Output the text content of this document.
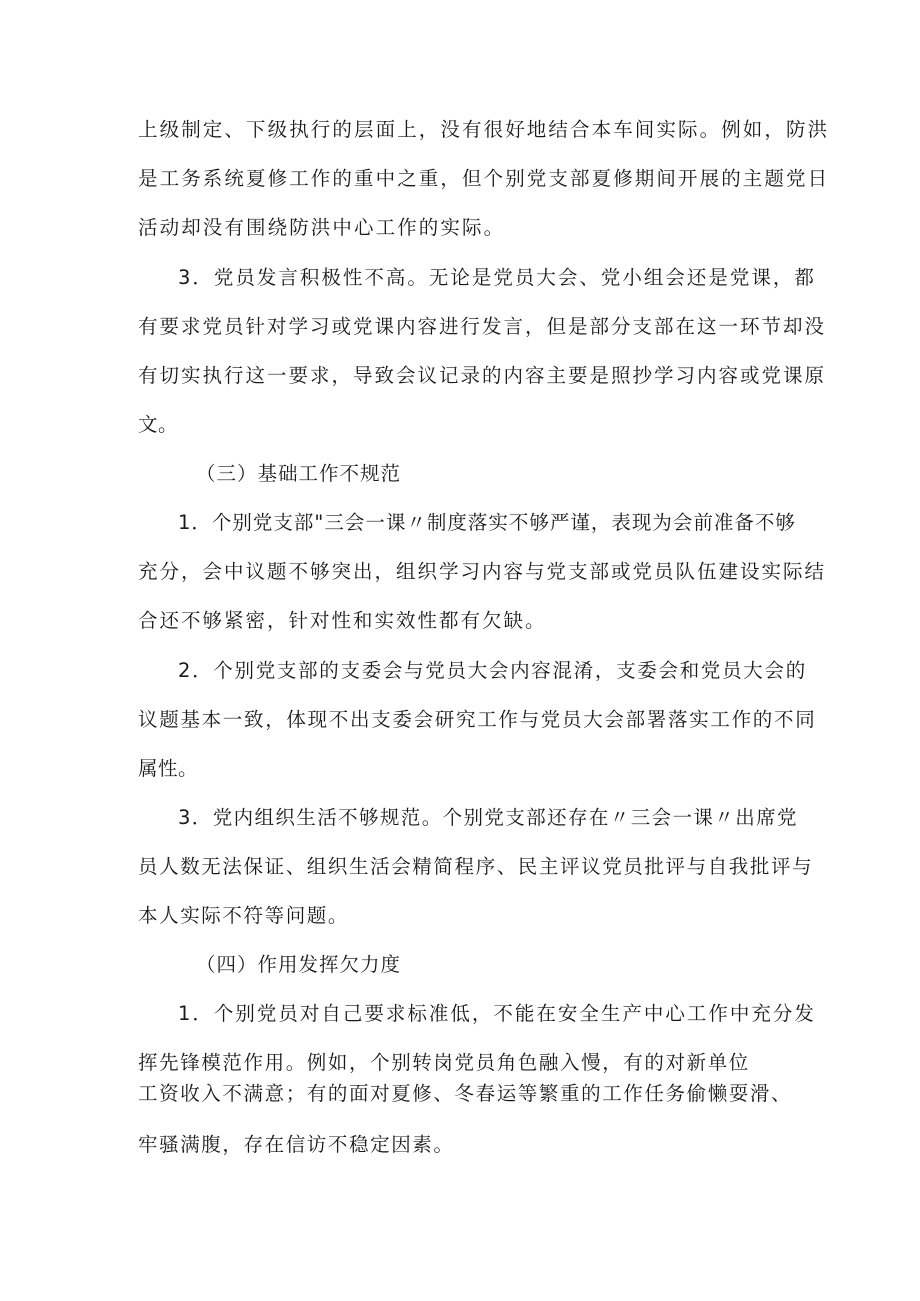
上级制定、下级执行的层面上，没有很好地结合本车间实际。例如，防洪
是工务系统夏修工作的重中之重，但个别党支部夏修期间开展的主题党日
活动却没有围绕防洪中心工作的实际。
3．党员发言积极性不高。无论是党员大会、党小组会还是党课，都
有要求党员针对学习或党课内容进行发言，但是部分支部在这一环节却没
有切实执行这一要求，导致会议记录的内容主要是照抄学习内容或党课原
文。
（三）基础工作不规范
1．个别党支部"三会一课〃制度落实不够严谨，表现为会前准备不够
充分，会中议题不够突出，组织学习内容与党支部或党员队伍建设实际结
合还不够紧密，针对性和实效性都有欠缺。
2．个别党支部的支委会与党员大会内容混淆，支委会和党员大会的
议题基本一致，体现不出支委会研究工作与党员大会部署落实工作的不同
属性。
3．党内组织生活不够规范。个别党支部还存在〃三会一课〃出席党
员人数无法保证、组织生活会精简程序、民主评议党员批评与自我批评与
本人实际不符等问题。
（四）作用发挥欠力度
1．个别党员对自己要求标准低，不能在安全生产中心工作中充分发
挥先锋模范作用。例如，个别转岗党员角色融入慢，有的对新单位
工资收入不满意；有的面对夏修、冬春运等繁重的工作任务偷懒耍滑、
牢骚满腹，存在信访不稳定因素。
